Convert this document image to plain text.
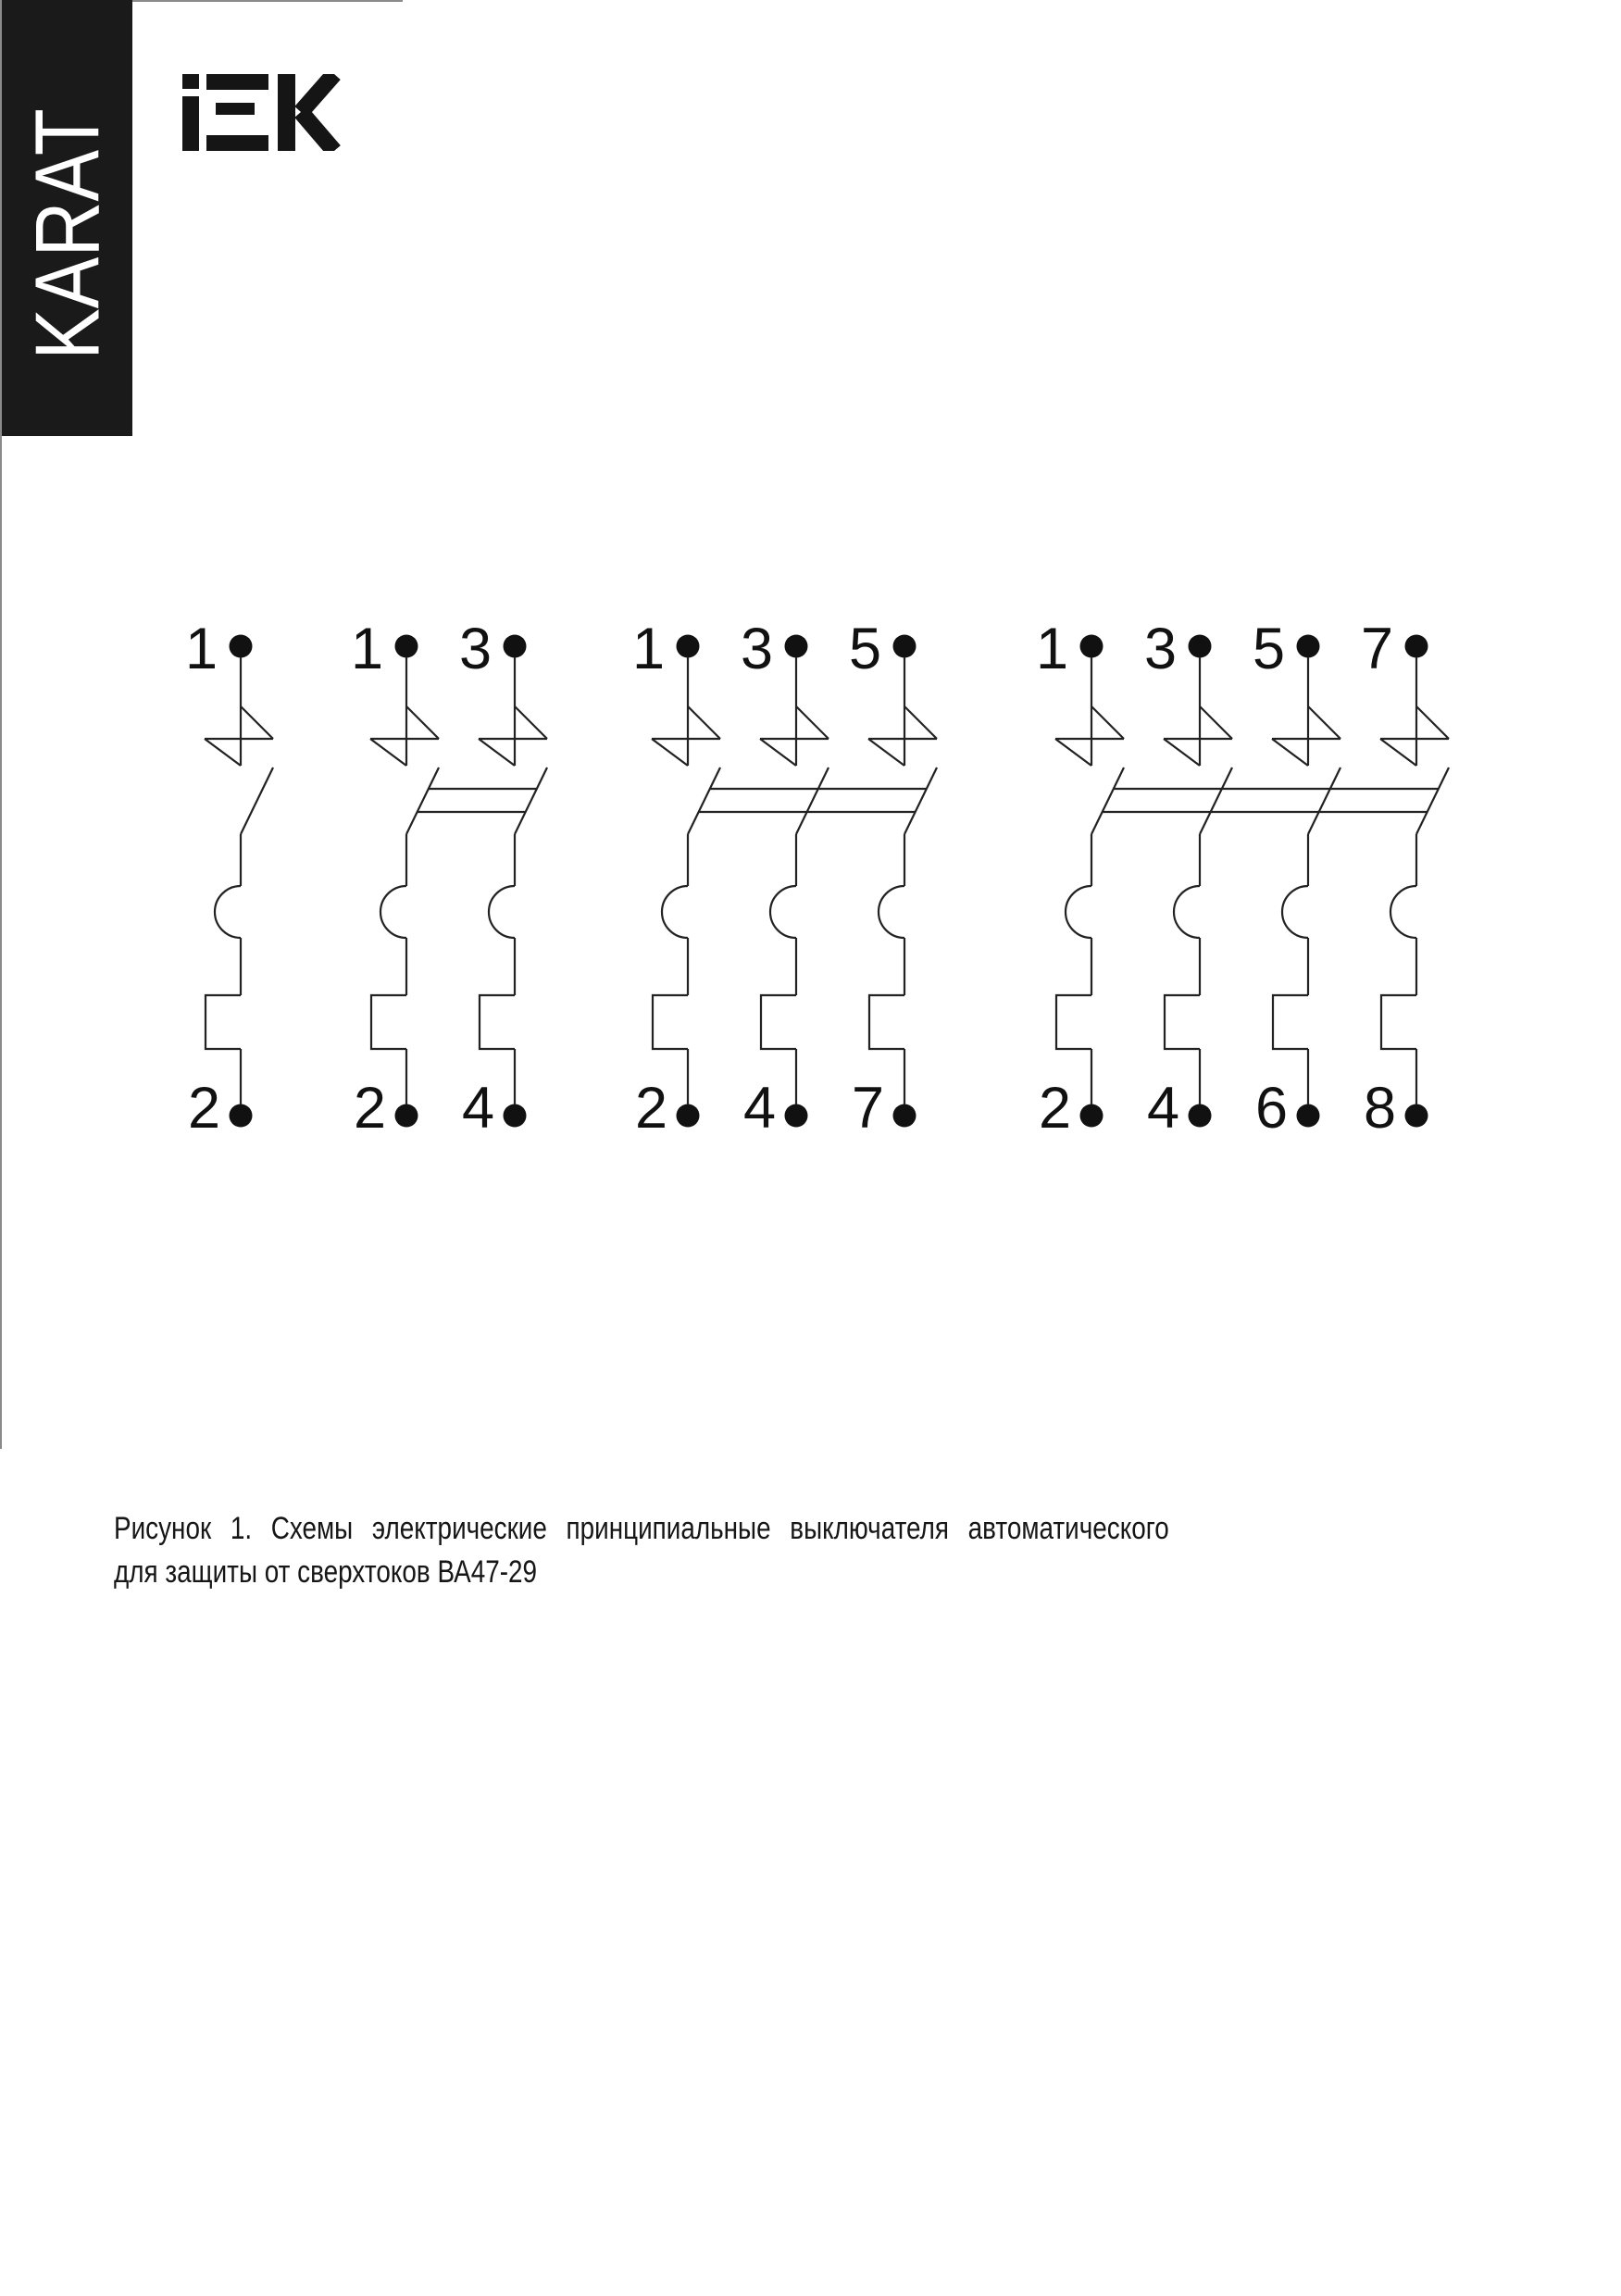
KARAT
1
2
1
2
3
4
1
2
3
4
5
7
1
2
3
4
5
6
7
8
Рисунок 1. Схемы электрические принципиальные выключателя автоматического
для защиты от сверхтоков ВА47-29
